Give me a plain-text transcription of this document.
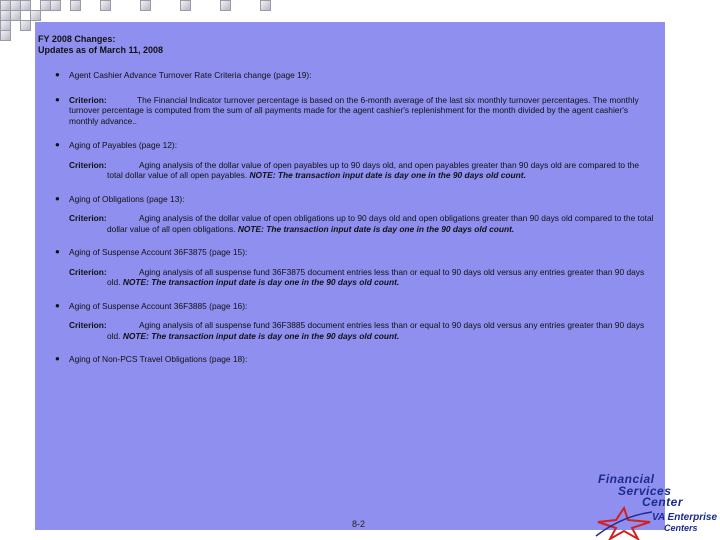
FY 2008 Changes:
Updates as of March 11, 2008
● Agent Cashier Advance Turnover Rate Criteria change (page 19):
● Criterion:	The Financial Indicator turnover percentage is based on the 6-month average of the last six monthly turnover percentages. The monthly turnover percentage is computed from the sum of all payments made for the agent cashier's replenishment for the month divided by the agent cashier's monthly advance..
● Aging of Payables (page 12):
Criterion:	Aging analysis of the dollar value of open payables up to 90 days old, and open payables greater than 90 days old are compared to the total dollar value of all open payables. NOTE: The transaction input date is day one in the 90 days old count.
● Aging of Obligations (page 13):
Criterion:	Aging analysis of the dollar value of open obligations up to 90 days old and open obligations greater than 90 days old compared to the total dollar value of all open obligations. NOTE: The transaction input date is day one in the 90 days old count.
● Aging of Suspense Account 36F3875 (page 15):
Criterion:	Aging analysis of all suspense fund 36F3875 document entries less than or equal to 90 days old versus any entries greater than 90 days old. NOTE: The transaction input date is day one in the 90 days old count.
● Aging of Suspense Account 36F3885 (page 16):
Criterion:	Aging analysis of all suspense fund 36F3885 document entries less than or equal to 90 days old versus any entries greater than 90 days old. NOTE: The transaction input date is day one in the 90 days old count.
● Aging of Non-PCS Travel Obligations (page 18):
8-2
Financial
Services
Center
VA Enterprise
Centers
